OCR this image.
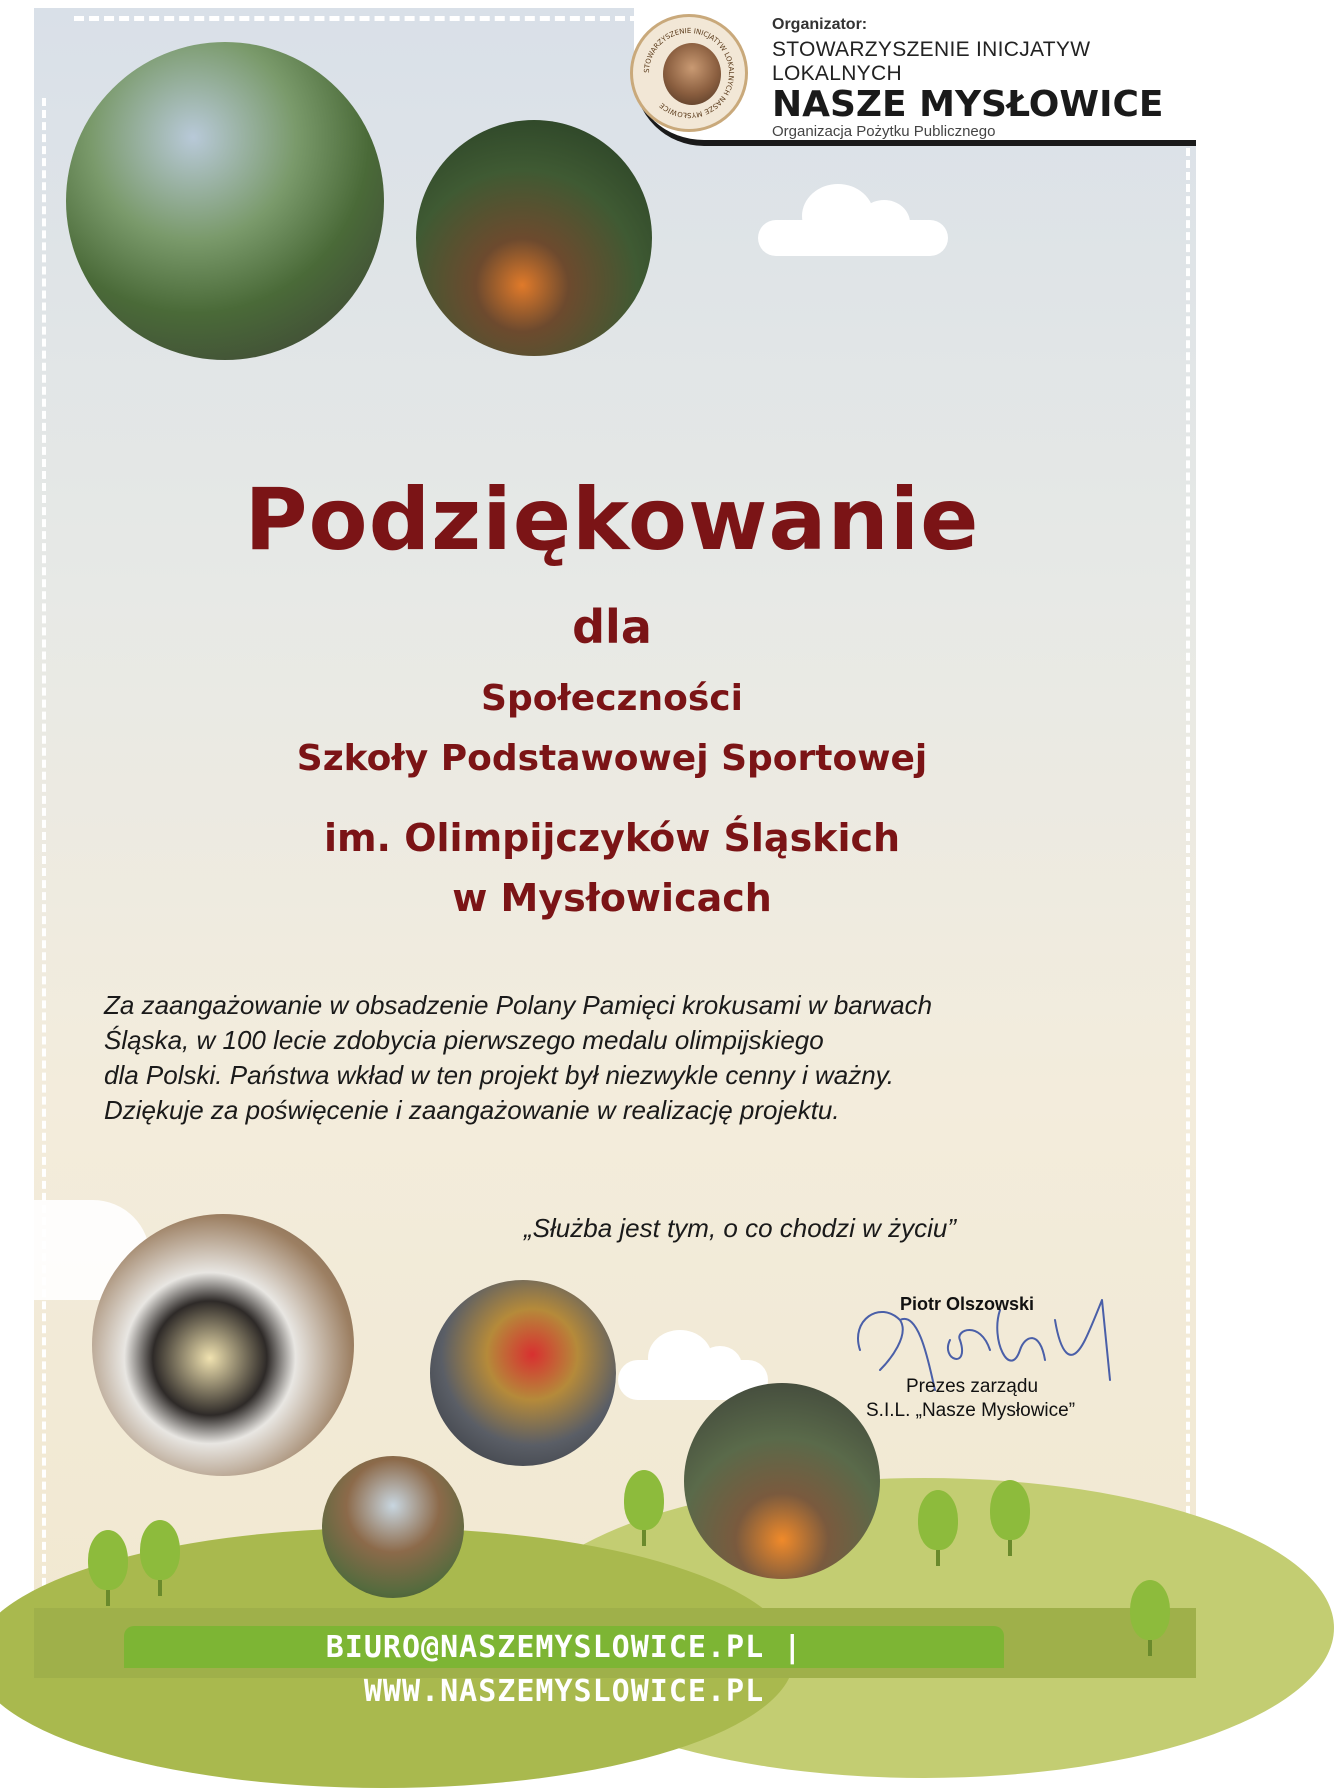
STOWARZYSZENIE INICJATYW LOKALNYCH NASZE MYSŁOWICE
Organizator:
STOWARZYSZENIE INICJATYW LOKALNYCH
NASZE MYSŁOWICE
Organizacja Pożytku Publicznego
Podziękowanie
dla
Społeczności
Szkoły Podstawowej Sportowej
im. Olimpijczyków Śląskich
w Mysłowicach
Za zaangażowanie w obsadzenie Polany Pamięci krokusami w barwach
Śląska, w 100 lecie zdobycia pierwszego medalu olimpijskiego
dla Polski. Państwa wkład w ten projekt był niezwykle cenny i ważny.
Dziękuje za poświęcenie i zaangażowanie w realizację projektu.
„Służba jest tym, o co chodzi w życiu”
Piotr Olszowski
Prezes zarządu
S.I.L. „Nasze Mysłowice”
BIURO@NASZEMYSLOWICE.PL | WWW.NASZEMYSLOWICE.PL
